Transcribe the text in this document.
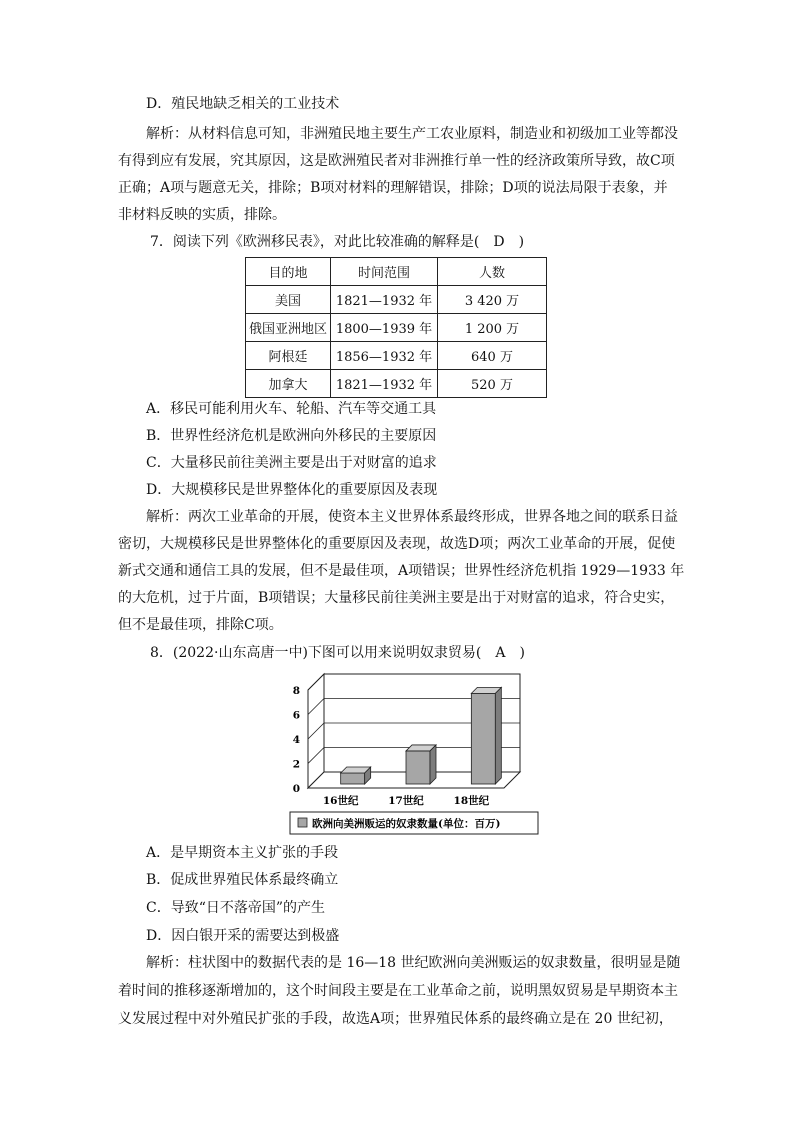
D．殖民地缺乏相关的工业技术
解析：从材料信息可知，非洲殖民地主要生产工农业原料，制造业和初级加工业等都没
有得到应有发展，究其原因，这是欧洲殖民者对非洲推行单一性的经济政策所导致，故C项
正确；A项与题意无关，排除；B项对材料的理解错误，排除；D项的说法局限于表象，并
非材料反映的实质，排除。
7．阅读下列《欧洲移民表》，对此比较准确的解释是(　D　)
目的地	时间范围	人数
美国	1821—1932 年	3 420 万
俄国亚洲地区	1800—1939 年	1 200 万
阿根廷	1856—1932 年	640 万
加拿大	1821—1932 年	520 万
A．移民可能利用火车、轮船、汽车等交通工具
B．世界性经济危机是欧洲向外移民的主要原因
C．大量移民前往美洲主要是出于对财富的追求
D．大规模移民是世界整体化的重要原因及表现
解析：两次工业革命的开展，使资本主义世界体系最终形成，世界各地之间的联系日益
密切，大规模移民是世界整体化的重要原因及表现，故选D项；两次工业革命的开展，促使
新式交通和通信工具的发展，但不是最佳项，A项错误；世界性经济危机指 1929—1933 年
的大危机，过于片面，B项错误；大量移民前往美洲主要是出于对财富的追求，符合史实，
但不是最佳项，排除C项。
8．(2022·山东高唐一中)下图可以用来说明奴隶贸易(　A　)
0
2
4
6
8
16世纪	17世纪	18世纪
欧洲向美洲贩运的奴隶数量(单位：百万)
A．是早期资本主义扩张的手段
B．促成世界殖民体系最终确立
C．导致“日不落帝国”的产生
D．因白银开采的需要达到极盛
解析：柱状图中的数据代表的是 16—18 世纪欧洲向美洲贩运的奴隶数量，很明显是随
着时间的推移逐渐增加的，这个时间段主要是在工业革命之前，说明黑奴贸易是早期资本主
义发展过程中对外殖民扩张的手段，故选A项；世界殖民体系的最终确立是在 20 世纪初，
